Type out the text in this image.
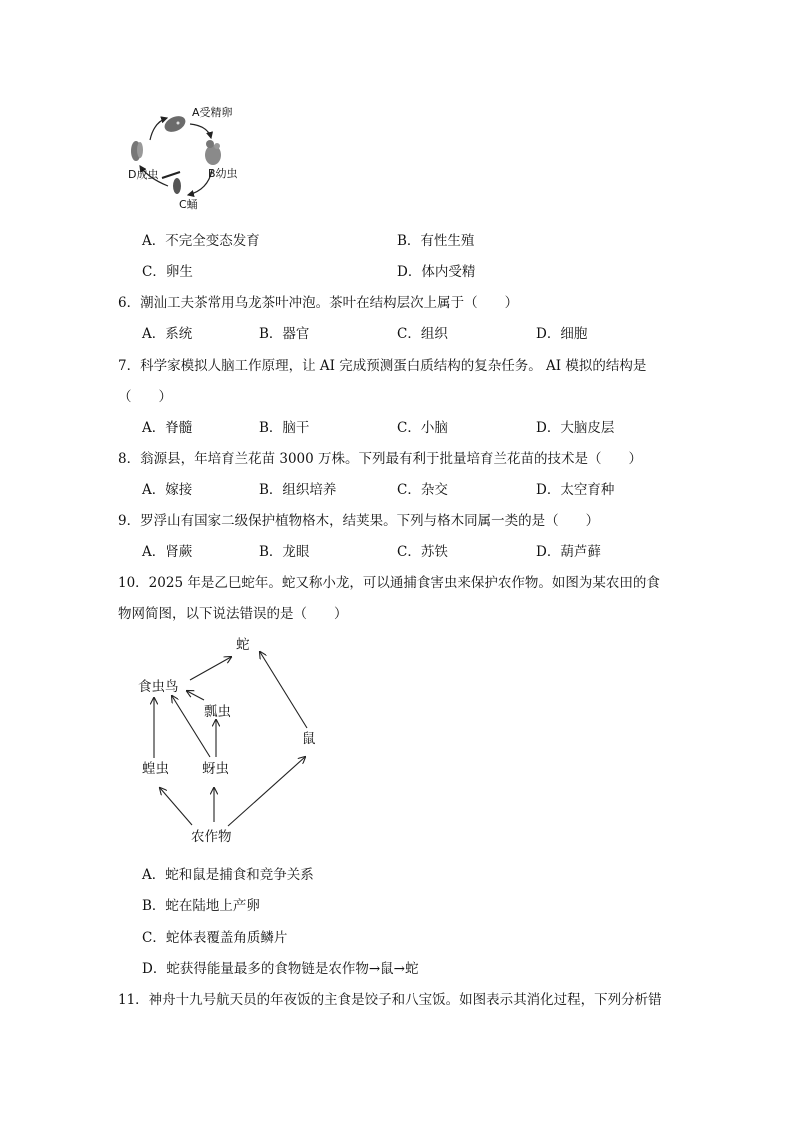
A受精卵
B幼虫
C蛹
D成虫
A．不完全变态发育	B．有性生殖
C．卵生	D．体内受精
6．潮汕工夫茶常用乌龙茶叶冲泡。茶叶在结构层次上属于（　　）
A．系统	B．器官	C．组织	D．细胞
7．科学家模拟人脑工作原理，让 AI 完成预测蛋白质结构的复杂任务。 AI 模拟的结构是
（　　）
A．脊髓	B．脑干	C．小脑	D．大脑皮层
8．翁源县，年培育兰花苗 3000 万株。下列最有利于批量培育兰花苗的技术是（　　）
A．嫁接	B．组织培养	C．杂交	D．太空育种
9．罗浮山有国家二级保护植物格木，结荚果。下列与格木同属一类的是（　　）
A．肾蕨	B．龙眼	C．苏铁	D．葫芦藓
10．2025 年是乙巳蛇年。蛇又称小龙，可以通捕食害虫来保护农作物。如图为某农田的食
物网简图，以下说法错误的是（　　）
蛇
食虫鸟
瓢虫
鼠
蝗虫 蚜虫
农作物
A．蛇和鼠是捕食和竞争关系
B．蛇在陆地上产卵
C．蛇体表覆盖角质鳞片
D．蛇获得能量最多的食物链是农作物→鼠→蛇
11．神舟十九号航天员的年夜饭的主食是饺子和八宝饭。如图表示其消化过程，下列分析错
